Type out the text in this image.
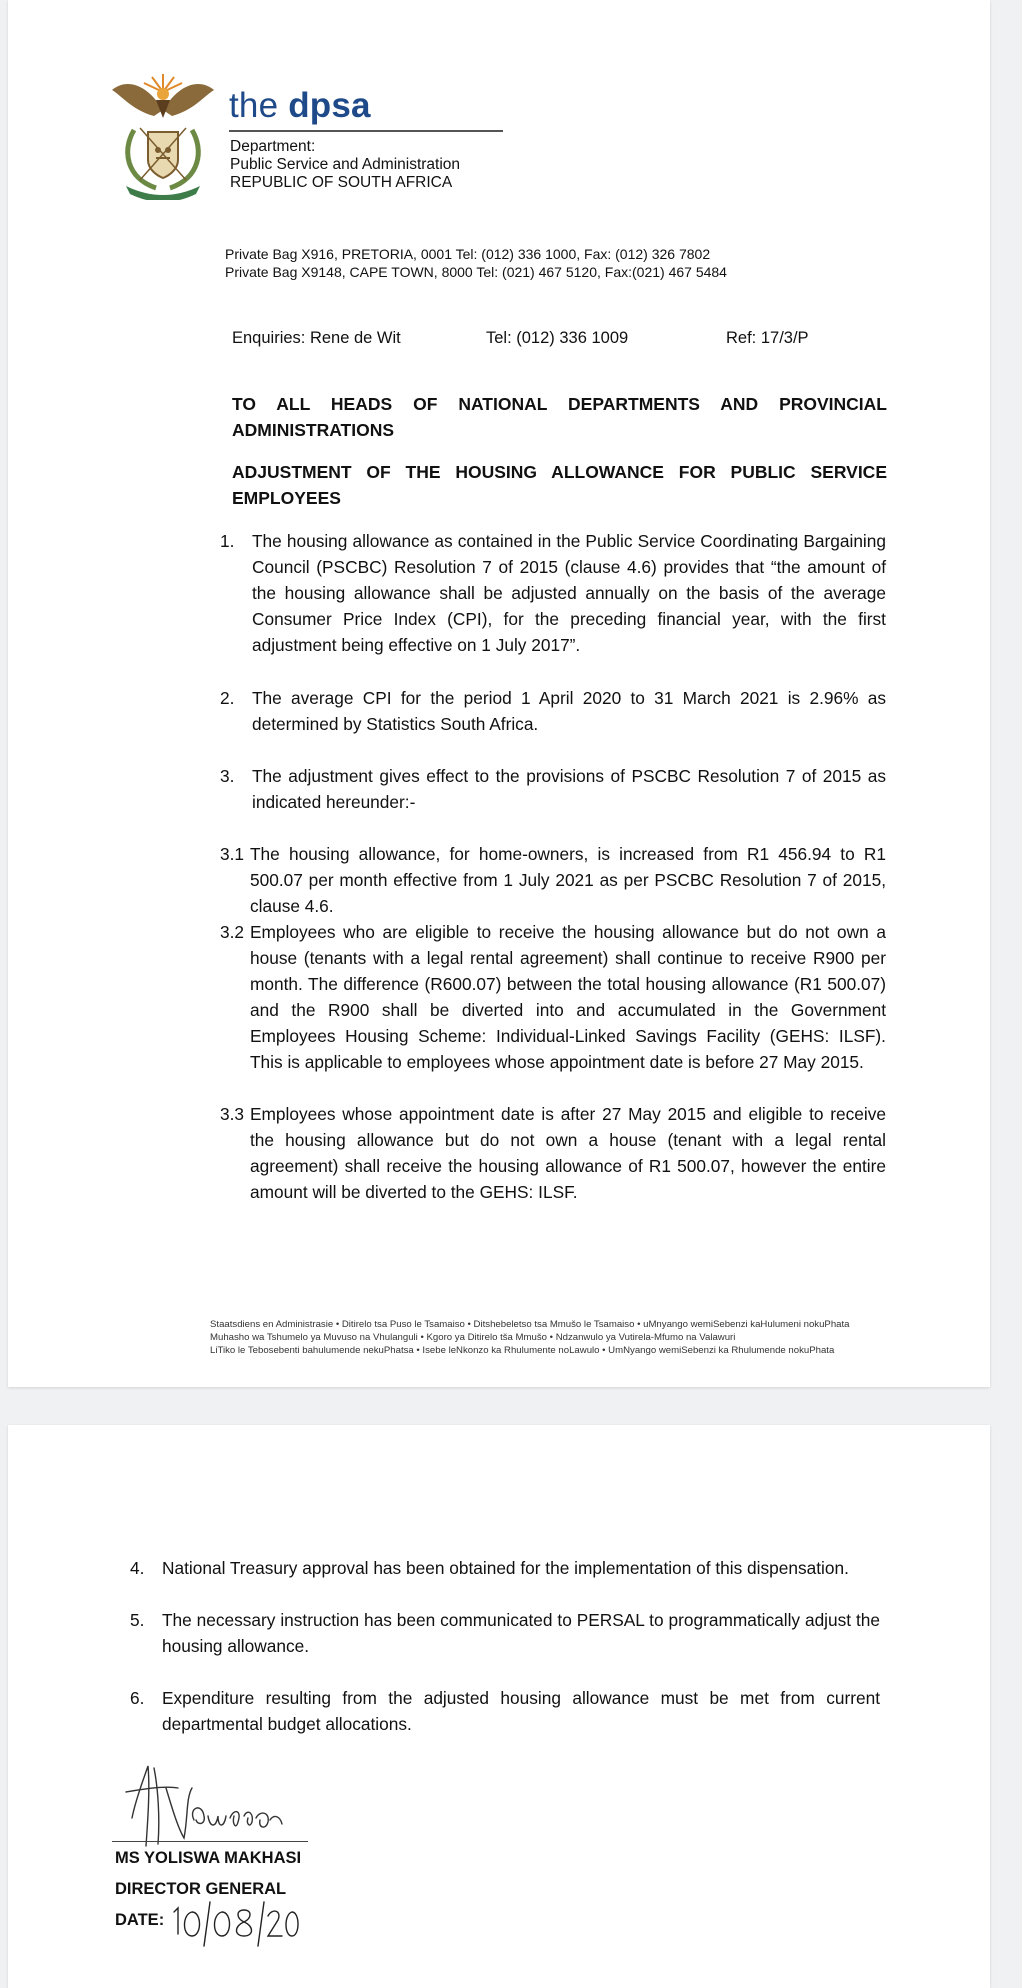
the dpsa
Department:
Public Service and Administration
REPUBLIC OF SOUTH AFRICA
Private Bag X916, PRETORIA, 0001 Tel: (012) 336 1000, Fax: (012) 326 7802
Private Bag X9148, CAPE TOWN, 8000 Tel: (021) 467 5120, Fax:(021) 467 5484
Enquiries: Rene de Wit	Tel: (012) 336 1009	Ref: 17/3/P
TO ALL HEADS OF NATIONAL DEPARTMENTS AND PROVINCIAL ADMINISTRATIONS
ADJUSTMENT OF THE HOUSING ALLOWANCE FOR PUBLIC SERVICE EMPLOYEES
1. The housing allowance as contained in the Public Service Coordinating Bargaining Council (PSCBC) Resolution 7 of 2015 (clause 4.6) provides that “the amount of the housing allowance shall be adjusted annually on the basis of the average Consumer Price Index (CPI), for the preceding financial year, with the first adjustment being effective on 1 July 2017”.
2. The average CPI for the period 1 April 2020 to 31 March 2021 is 2.96% as determined by Statistics South Africa.
3. The adjustment gives effect to the provisions of PSCBC Resolution 7 of 2015 as indicated hereunder:-
3.1 The housing allowance, for home-owners, is increased from R1 456.94 to R1 500.07 per month effective from 1 July 2021 as per PSCBC Resolution 7 of 2015, clause 4.6.
3.2 Employees who are eligible to receive the housing allowance but do not own a house (tenants with a legal rental agreement) shall continue to receive R900 per month. The difference (R600.07) between the total housing allowance (R1 500.07) and the R900 shall be diverted into and accumulated in the Government Employees Housing Scheme: Individual-Linked Savings Facility (GEHS: ILSF). This is applicable to employees whose appointment date is before 27 May 2015.
3.3 Employees whose appointment date is after 27 May 2015 and eligible to receive the housing allowance but do not own a house (tenant with a legal rental agreement) shall receive the housing allowance of R1 500.07, however the entire amount will be diverted to the GEHS: ILSF.
Staatsdiens en Administrasie • Ditirelo tsa Puso le Tsamaiso • Ditshebeletso tsa Mmušo le Tsamaiso • uMnyango wemiSebenzi kaHulumeni nokuPhata
Muhasho wa Tshumelo ya Muvuso na Vhulanguli • Kgoro ya Ditirelo tša Mmušo • Ndzanwulo ya Vutirela-Mfumo na Valawuri
LiTiko le Tebosebenti bahulumende nekuPhatsa • Isebe leNkonzo ka Rhulumente noLawulo • UmNyango wemiSebenzi ka Rhulumende nokuPhata
4. National Treasury approval has been obtained for the implementation of this dispensation.
5. The necessary instruction has been communicated to PERSAL to programmatically adjust the housing allowance.
6. Expenditure resulting from the adjusted housing allowance must be met from current departmental budget allocations.
MS YOLISWA MAKHASI
DIRECTOR GENERAL
DATE:
